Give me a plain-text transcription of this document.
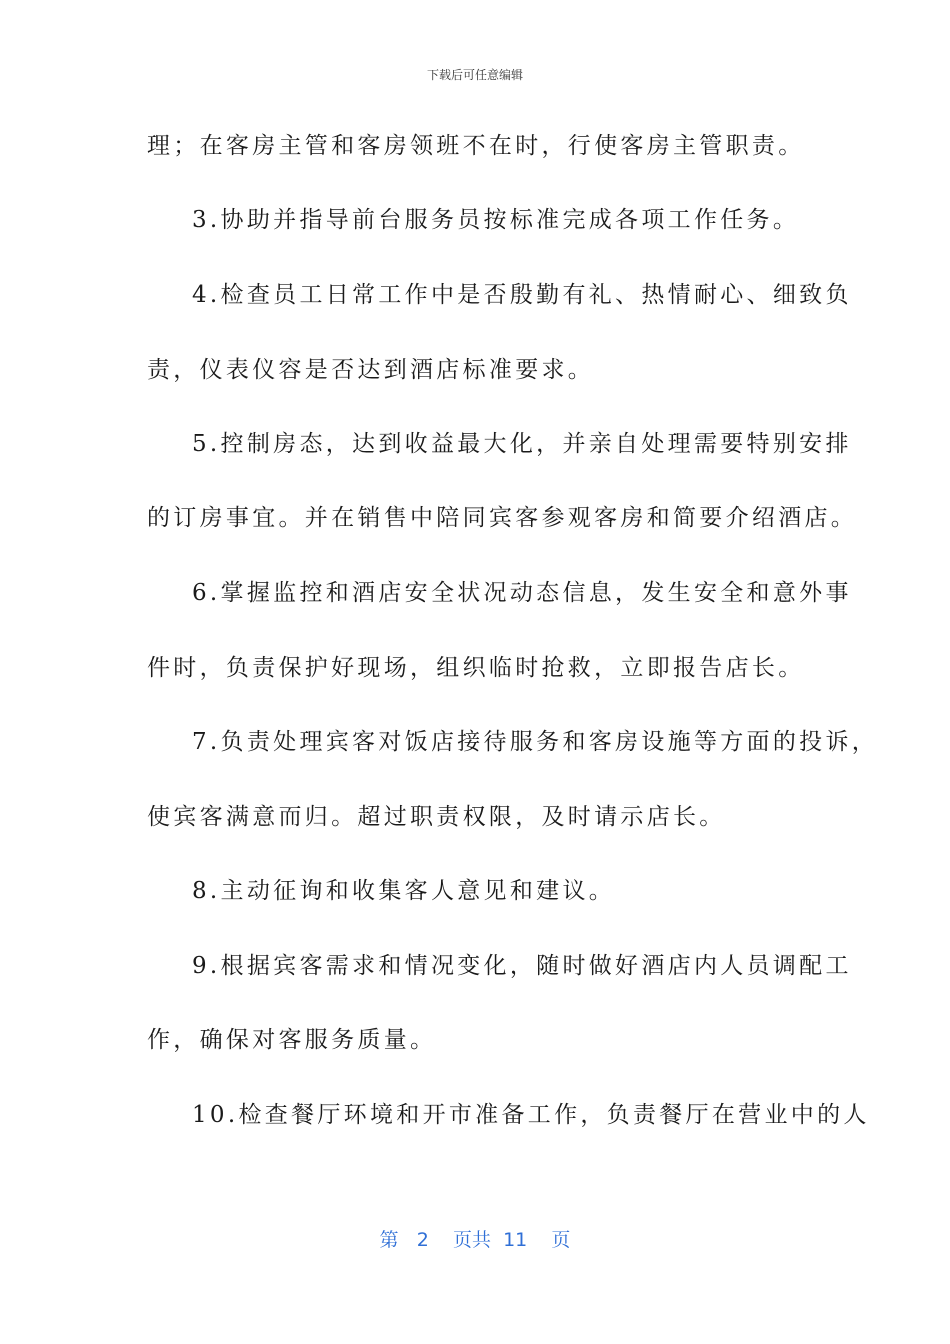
下载后可任意编辑
理；在客房主管和客房领班不在时，行使客房主管职责。
3.协助并指导前台服务员按标准完成各项工作任务。
4.检查员工日常工作中是否殷勤有礼、热情耐心、细致负
责，仪表仪容是否达到酒店标准要求。
5.控制房态，达到收益最大化，并亲自处理需要特别安排
的订房事宜。并在销售中陪同宾客参观客房和简要介绍酒店。
6.掌握监控和酒店安全状况动态信息，发生安全和意外事
件时，负责保护好现场，组织临时抢救，立即报告店长。
7.负责处理宾客对饭店接待服务和客房设施等方面的投诉，
使宾客满意而归。超过职责权限，及时请示店长。
8.主动征询和收集客人意见和建议。
9.根据宾客需求和情况变化，随时做好酒店内人员调配工
作，确保对客服务质量。
10.检查餐厅环境和开市准备工作，负责餐厅在营业中的人
第 2 页共 11 页
